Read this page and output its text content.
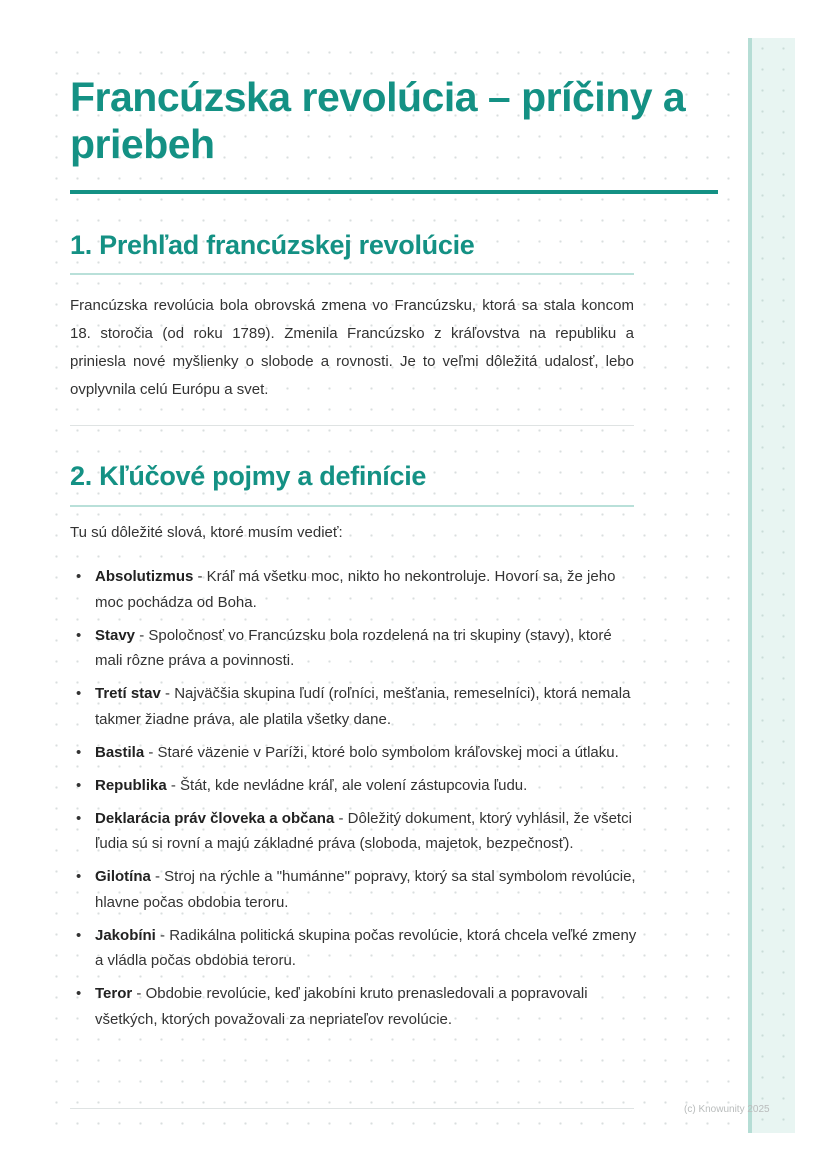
Francúzska revolúcia – príčiny a priebeh
1. Prehľad francúzskej revolúcie

Francúzska revolúcia bola obrovská zmena vo Francúzsku, ktorá sa stala koncom 18. storočia (od roku 1789). Zmenila Francúzsko z kráľovstva na republiku a priniesla nové myšlienky o slobode a rovnosti. Je to veľmi dôležitá udalosť, lebo ovplyvnila celú Európu a svet.

2. Kľúčové pojmy a definície

Tu sú dôležité slová, ktoré musím vedieť:

• Absolutizmus - Kráľ má všetku moc, nikto ho nekontroluje. Hovorí sa, že jeho moc pochádza od Boha.
• Stavy - Spoločnosť vo Francúzsku bola rozdelená na tri skupiny (stavy), ktoré mali rôzne práva a povinnosti.
• Tretí stav - Najväčšia skupina ľudí (roľníci, mešťania, remeselníci), ktorá nemala takmer žiadne práva, ale platila všetky dane.
• Bastila - Staré väzenie v Paríži, ktoré bolo symbolom kráľovskej moci a útlaku.
• Republika - Štát, kde nevládne kráľ, ale volení zástupcovia ľudu.
• Deklarácia práv človeka a občana - Dôležitý dokument, ktorý vyhlásil, že všetci ľudia sú si rovní a majú základné práva (sloboda, majetok, bezpečnosť).
• Gilotína - Stroj na rýchle a "humánne" popravy, ktorý sa stal symbolom revolúcie, hlavne počas obdobia teroru.
• Jakobíni - Radikálna politická skupina počas revolúcie, ktorá chcela veľké zmeny a vládla počas obdobia teroru.
• Teror - Obdobie revolúcie, keď jakobíni kruto prenasledovali a popravovali všetkých, ktorých považovali za nepriateľov revolúcie.
(c) Knowunity 2025
